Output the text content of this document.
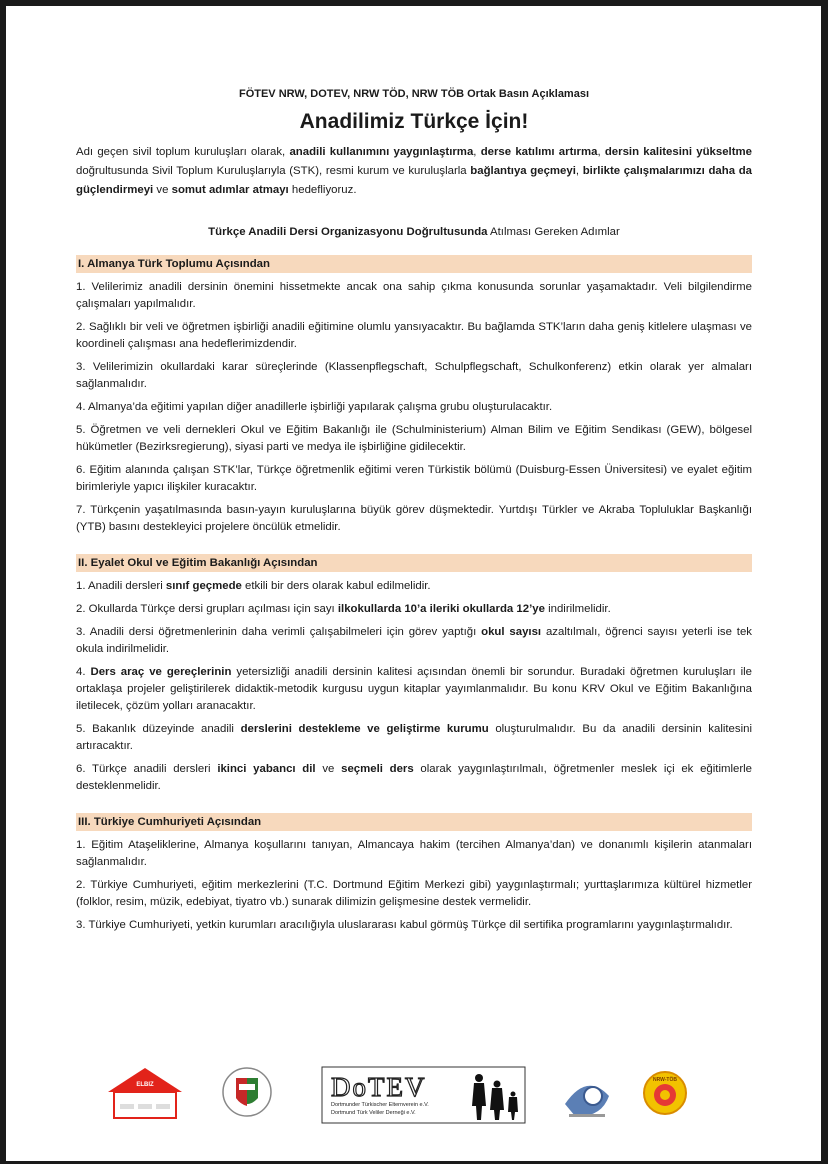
FÖTEV NRW, DOTEV, NRW TÖD, NRW TÖB Ortak Basın Açıklaması

Anadilimiz Türkçe İçin!

Adı geçen sivil toplum kuruluşları olarak, anadili kullanımını yaygınlaştırma, derse katılımı artırma, dersin kalitesini yükseltme doğrultusunda Sivil Toplum Kuruluşlarıyla (STK), resmi kurum ve kuruluşlarla bağlantıya geçmeyi, birlikte çalışmalarımızı daha da güçlendirmeyi ve somut adımlar atmayı hedefliyoruz.

Türkçe Anadili Dersi Organizasyonu Doğrultusunda Atılması Gereken Adımlar

I. Almanya Türk Toplumu Açısından

1. Velilerimiz anadili dersinin önemini hissetmekte ancak ona sahip çıkma konusunda sorunlar yaşamaktadır. Veli bilgilendirme çalışmaları yapılmalıdır.

2. Sağlıklı bir veli ve öğretmen işbirliği anadili eğitimine olumlu yansıyacaktır. Bu bağlamda STK’ların daha geniş kitlelere ulaşması ve koordineli çalışması ana hedeflerimizdendir.

3. Velilerimizin okullardaki karar süreçlerinde (Klassenpflegschaft, Schulpflegschaft, Schulkonferenz) etkin olarak yer almaları sağlanmalıdır.

4. Almanya’da eğitimi yapılan diğer anadillerle işbirliği yapılarak çalışma grubu oluşturulacaktır.

5. Öğretmen ve veli dernekleri Okul ve Eğitim Bakanlığı ile (Schulministerium) Alman Bilim ve Eğitim Sendikası (GEW), bölgesel hükümetler (Bezirksregierung), siyasi parti ve medya ile işbirliğine gidilecektir.

6. Eğitim alanında çalışan STK’lar, Türkçe öğretmenlik eğitimi veren Türkistik bölümü (Duisburg-Essen Üniversitesi) ve eyalet eğitim birimleriyle yapıcı ilişkiler kuracaktır.

7. Türkçenin yaşatılmasında basın-yayın kuruluşlarına büyük görev düşmektedir. Yurtdışı Türkler ve Akraba Topluluklar Başkanlığı (YTB) basını destekleyici projelere öncülük etmelidir.

II. Eyalet Okul ve Eğitim Bakanlığı Açısından

1. Anadili dersleri sınıf geçmede etkili bir ders olarak kabul edilmelidir.

2. Okullarda Türkçe dersi grupları açılması için sayı ilkokullarda 10’a ileriki okullarda 12’ye indirilmelidir.

3. Anadili dersi öğretmenlerinin daha verimli çalışabilmeleri için görev yaptığı okul sayısı azaltılmalı, öğrenci sayısı yeterli ise tek okula indirilmelidir.

4. Ders araç ve gereçlerinin yetersizliği anadili dersinin kalitesi açısından önemli bir sorundur. Buradaki öğretmen kuruluşları ile ortaklaşa projeler geliştirilerek didaktik-metodik kurgusu uygun kitaplar yayımlanmalıdır. Bu konu KRV Okul ve Eğitim Bakanlığına iletilecek, çözüm yolları aranacaktır.

5. Bakanlık düzeyinde anadili derslerini destekleme ve geliştirme kurumu oluşturulmalıdır. Bu da anadili dersinin kalitesini artıracaktır.

6. Türkçe anadili dersleri ikinci yabancı dil ve seçmeli ders olarak yaygınlaştırılmalı, öğretmenler meslek içi ek eğitimlerle desteklenmelidir.

III. Türkiye Cumhuriyeti Açısından

1. Eğitim Ataşeliklerine, Almanya koşullarını tanıyan, Almancaya hakim (tercihen Almanya’dan) ve donanımlı kişilerin atanmaları sağlanmalıdır.

2. Türkiye Cumhuriyeti, eğitim merkezlerini (T.C. Dortmund Eğitim Merkezi gibi) yaygınlaştırmalı; yurttaşlarımıza kültürel hizmetler (folklor, resim, müzik, edebiyat, tiyatro vb.) sunarak dilimizin gelişmesine destek vermelidir.

3. Türkiye Cumhuriyeti, yetkin kurumları aracılığıyla uluslararası kabul görmüş Türkçe dil sertifika programlarını yaygınlaştırmalıdır.

ELBIZ	DoTEV
Dortmunder Türkischer Elternverein e.V.
Dortmund Türk Veliler Derneği e.V.
NRW-TÖB
